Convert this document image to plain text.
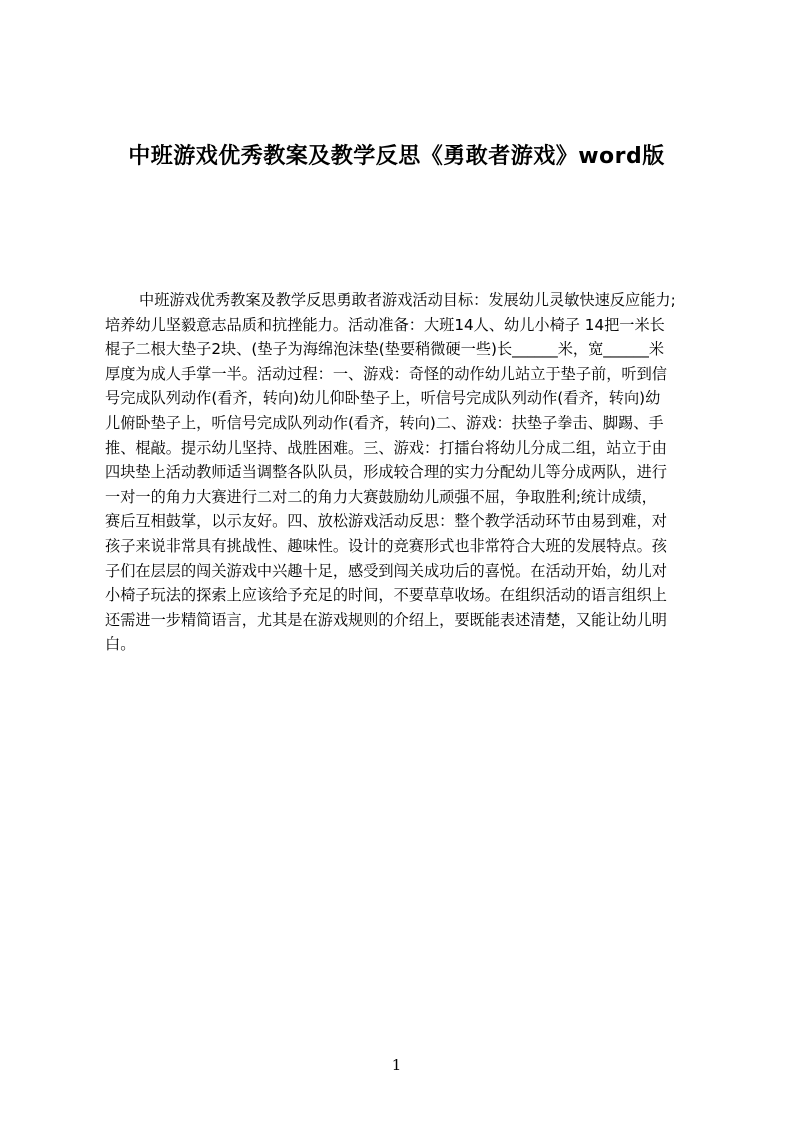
中班游戏优秀教案及教学反思《勇敢者游戏》word版
中班游戏优秀教案及教学反思勇敢者游戏活动目标：发展幼儿灵敏快速反应能力;
培养幼儿坚毅意志品质和抗挫能力。活动准备：大班14人、幼儿小椅子 14把一米长
棍子二根大垫子2块、(垫子为海绵泡沫垫(垫要稍微硬一些)长______米，宽______米
厚度为成人手掌一半。活动过程：一、游戏：奇怪的动作幼儿站立于垫子前，听到信
号完成队列动作(看齐，转向)幼儿仰卧垫子上，听信号完成队列动作(看齐，转向)幼
儿俯卧垫子上，听信号完成队列动作(看齐，转向)二、游戏：扶垫子拳击、脚踢、手
推、棍敲。提示幼儿坚持、战胜困难。三、游戏：打擂台将幼儿分成二组，站立于由
四块垫上活动教师适当调整各队队员，形成较合理的实力分配幼儿等分成两队，进行
一对一的角力大赛进行二对二的角力大赛鼓励幼儿顽强不屈，争取胜利;统计成绩，
赛后互相鼓掌，以示友好。四、放松游戏活动反思：整个教学活动环节由易到难，对
孩子来说非常具有挑战性、趣味性。设计的竞赛形式也非常符合大班的发展特点。孩
子们在层层的闯关游戏中兴趣十足，感受到闯关成功后的喜悦。在活动开始，幼儿对
小椅子玩法的探索上应该给予充足的时间，不要草草收场。在组织活动的语言组织上
还需进一步精简语言，尤其是在游戏规则的介绍上，要既能表述清楚，又能让幼儿明
白。
1
